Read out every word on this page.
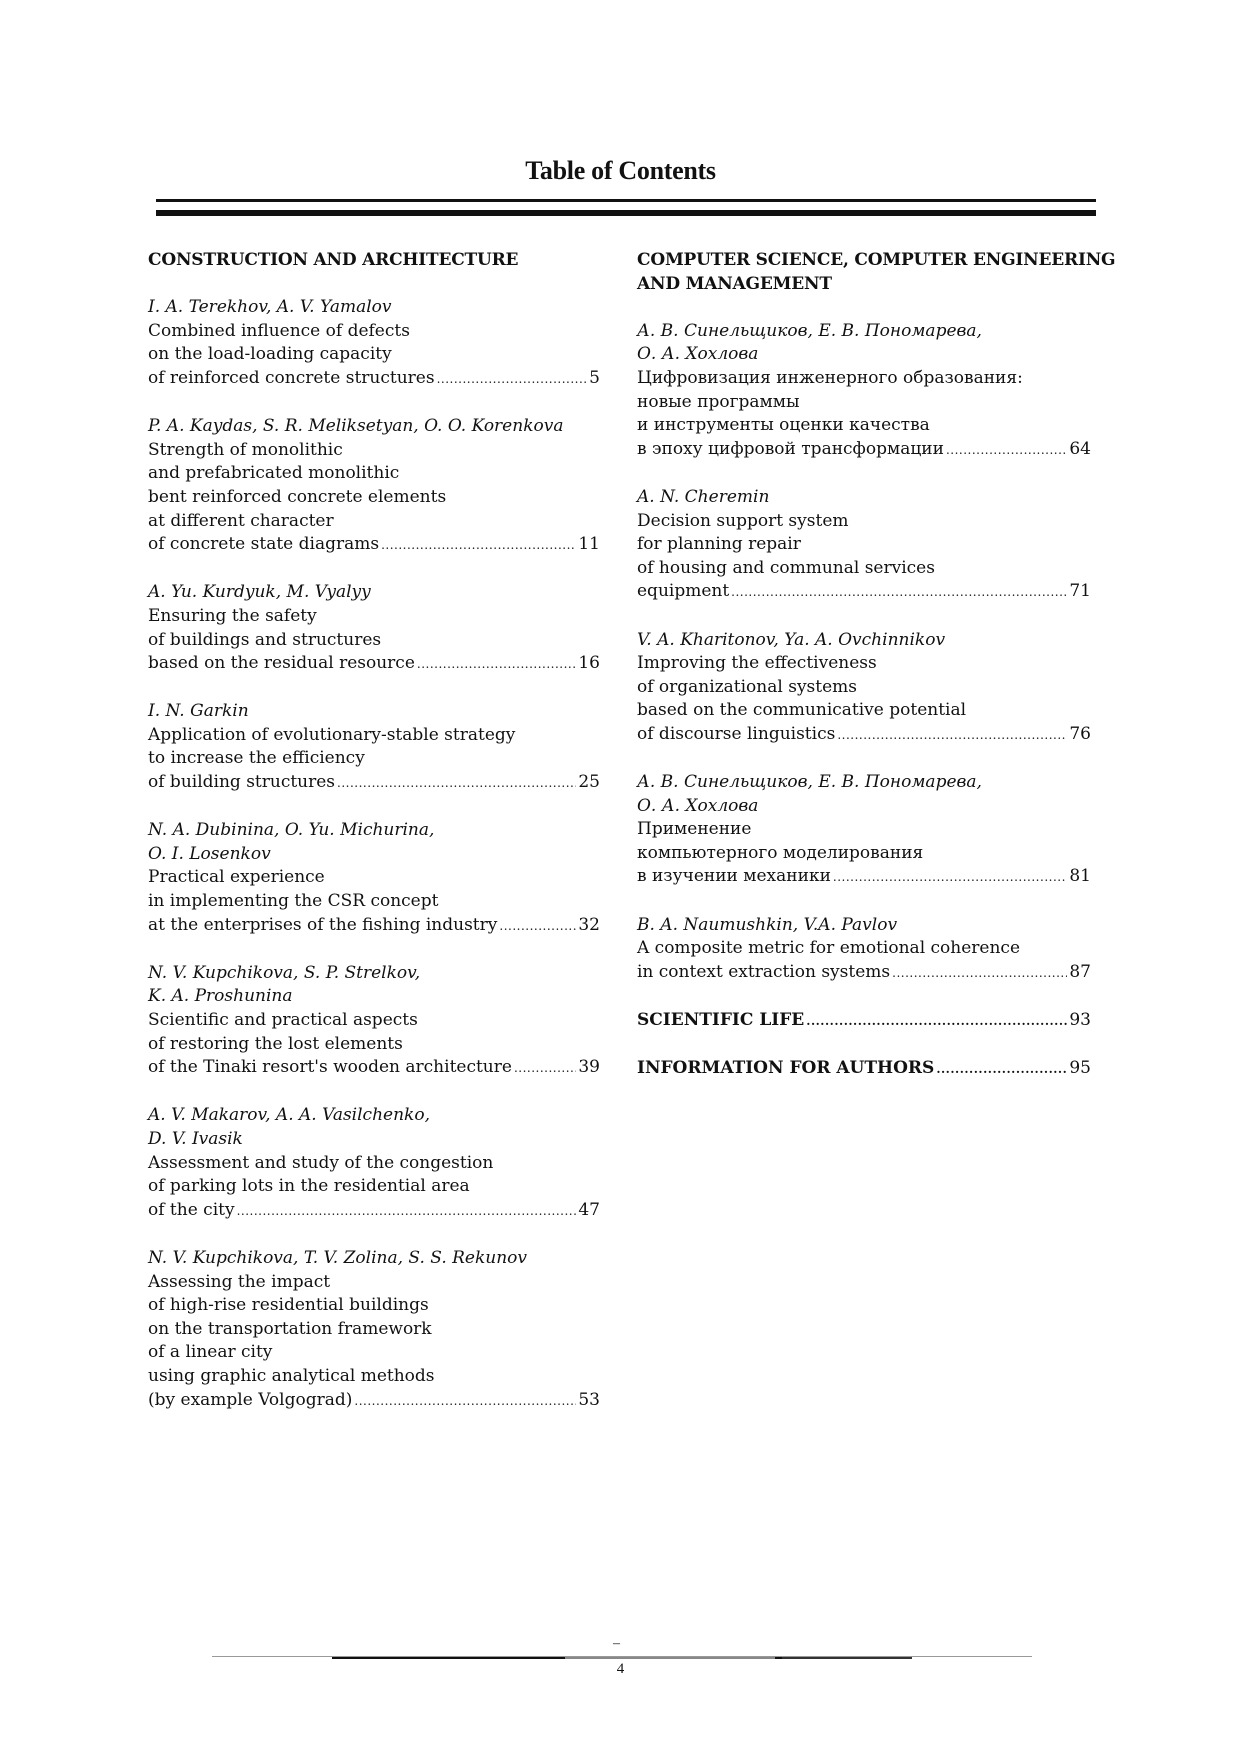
Table of Contents
CONSTRUCTION AND ARCHITECTURE
I. A. Terekhov, A. V. Yamalov
Combined influence of defects
on the load-loading capacity
of reinforced concrete structures .....	5
P. A. Kaydas, S. R. Meliksetyan, O. O. Korenkova
Strength of monolithic
and prefabricated monolithic
bent reinforced concrete elements
at different character
of concrete state diagrams .....	11
A. Yu. Kurdyuk, M. Vyalyy
Ensuring the safety
of buildings and structures
based on the residual resource .....	16
I. N. Garkin
Application of evolutionary-stable strategy
to increase the efficiency
of building structures .....	25
N. A. Dubinina, O. Yu. Michurina,
O. I. Losenkov
Practical experience
in implementing the CSR concept
at the enterprises of the fishing industry .....	32
N. V. Kupchikova, S. P. Strelkov,
K. A. Proshunina
Scientific and practical aspects
of restoring the lost elements
of the Tinaki resort's wooden architecture .....	39
A. V. Makarov, A. A. Vasilchenko,
D. V. Ivasik
Assessment and study of the congestion
of parking lots in the residential area
of the city .....	47
N. V. Kupchikova, T. V. Zolina, S. S. Rekunov
Assessing the impact
of high-rise residential buildings
on the transportation framework
of a linear city
using graphic analytical methods
(by example Volgograd) .....	53
COMPUTER SCIENCE, COMPUTER ENGINEERING
AND MANAGEMENT
А. В. Синельщиков, Е. В. Пономарева,
О. А. Хохлова
Цифровизация инженерного образования:
новые программы
и инструменты оценки качества
в эпоху цифровой трансформации .....	64
A. N. Cheremin
Decision support system
for planning repair
of housing and communal services
equipment .....	71
V. A. Kharitonov, Ya. A. Ovchinnikov
Improving the effectiveness
of organizational systems
based on the communicative potential
of discourse linguistics .....	76
А. В. Синельщиков, Е. В. Пономарева,
О. А. Хохлова
Применение
компьютерного моделирования
в изучении механики .....	81
B. A. Naumushkin, V.A. Pavlov
A composite metric for emotional coherence
in context extraction systems .....	87
SCIENTIFIC LIFE .....	93
INFORMATION FOR AUTHORS .....	95
–
4
